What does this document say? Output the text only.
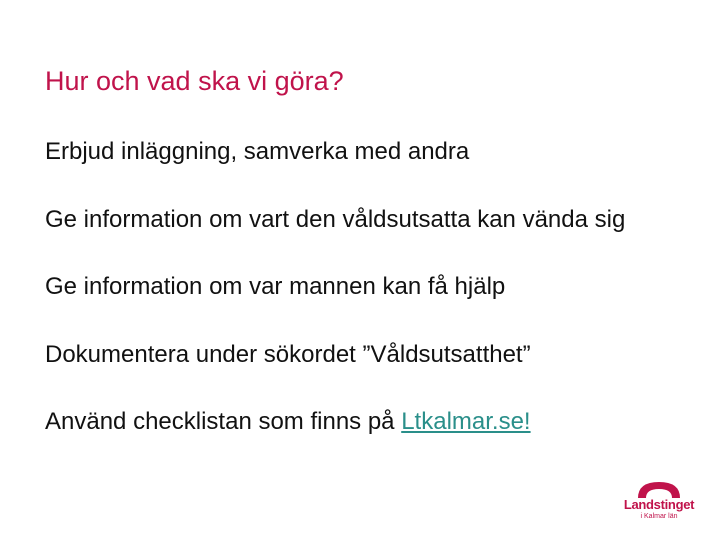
Hur och vad ska vi göra?
Erbjud inläggning, samverka med andra
Ge information om vart den våldsutsatta kan vända sig
Ge information om var mannen kan få hjälp
Dokumentera under sökordet ”Våldsutsatthet”
Använd checklistan som finns på Ltkalmar.se!
Landstinget
i Kalmar län
